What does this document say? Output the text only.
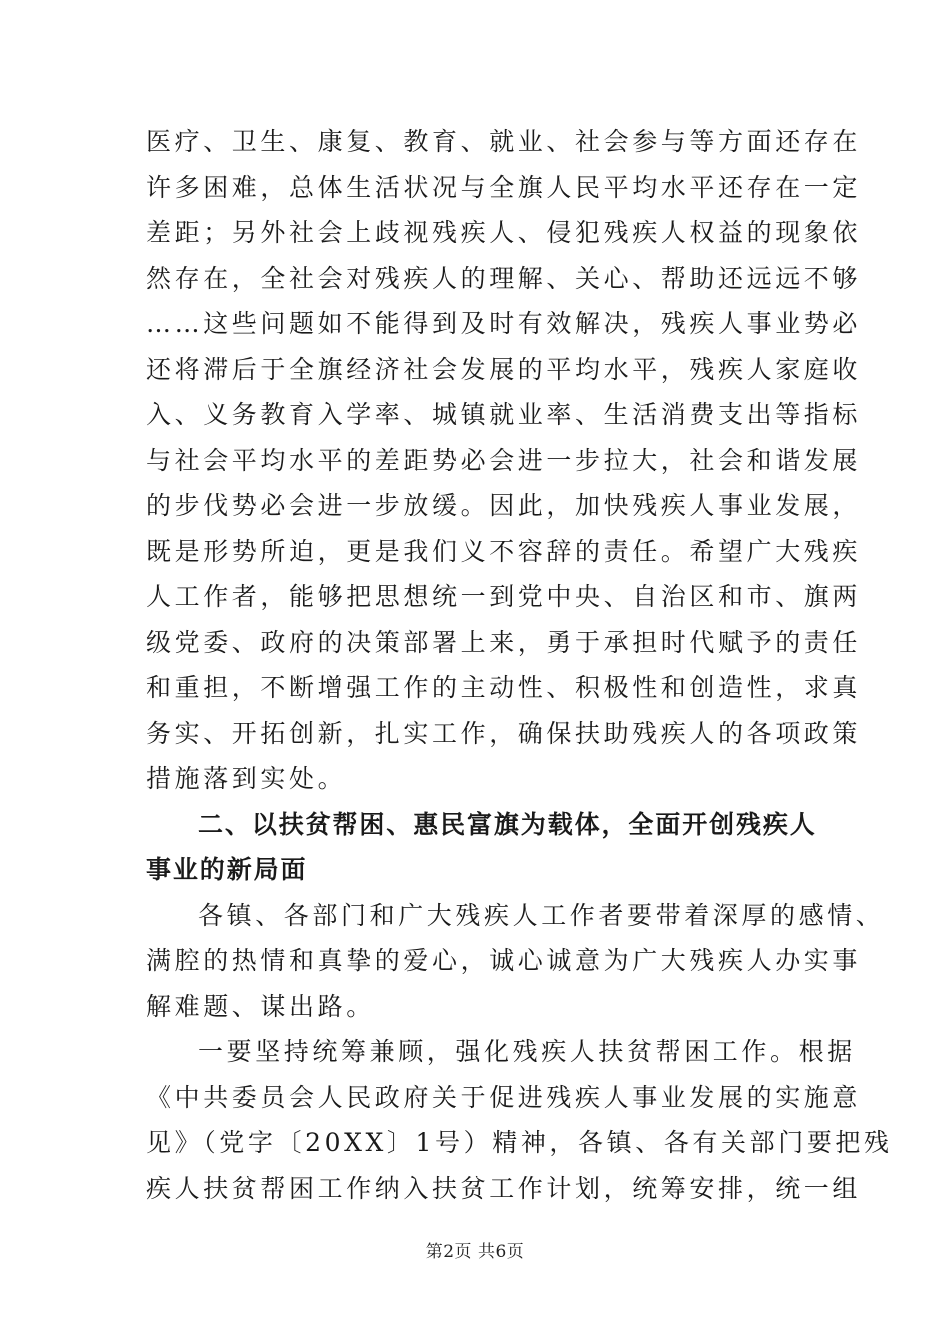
医疗、卫生、康复、教育、就业、社会参与等方面还存在
许多困难，总体生活状况与全旗人民平均水平还存在一定
差距；另外社会上歧视残疾人、侵犯残疾人权益的现象依
然存在，全社会对残疾人的理解、关心、帮助还远远不够
……这些问题如不能得到及时有效解决，残疾人事业势必
还将滞后于全旗经济社会发展的平均水平，残疾人家庭收
入、义务教育入学率、城镇就业率、生活消费支出等指标
与社会平均水平的差距势必会进一步拉大，社会和谐发展
的步伐势必会进一步放缓。因此，加快残疾人事业发展，
既是形势所迫，更是我们义不容辞的责任。希望广大残疾
人工作者，能够把思想统一到党中央、自治区和市、旗两
级党委、政府的决策部署上来，勇于承担时代赋予的责任
和重担，不断增强工作的主动性、积极性和创造性，求真
务实、开拓创新，扎实工作，确保扶助残疾人的各项政策
措施落到实处。
二、以扶贫帮困、惠民富旗为载体，全面开创残疾人
事业的新局面
各镇、各部门和广大残疾人工作者要带着深厚的感情、
满腔的热情和真挚的爱心，诚心诚意为广大残疾人办实事
解难题、谋出路。
一要坚持统筹兼顾，强化残疾人扶贫帮困工作。根据
《中共委员会人民政府关于促进残疾人事业发展的实施意
见》（党字〔20XX〕1号）精神，各镇、各有关部门要把残
疾人扶贫帮困工作纳入扶贫工作计划，统筹安排，统一组
第2页 共6页
